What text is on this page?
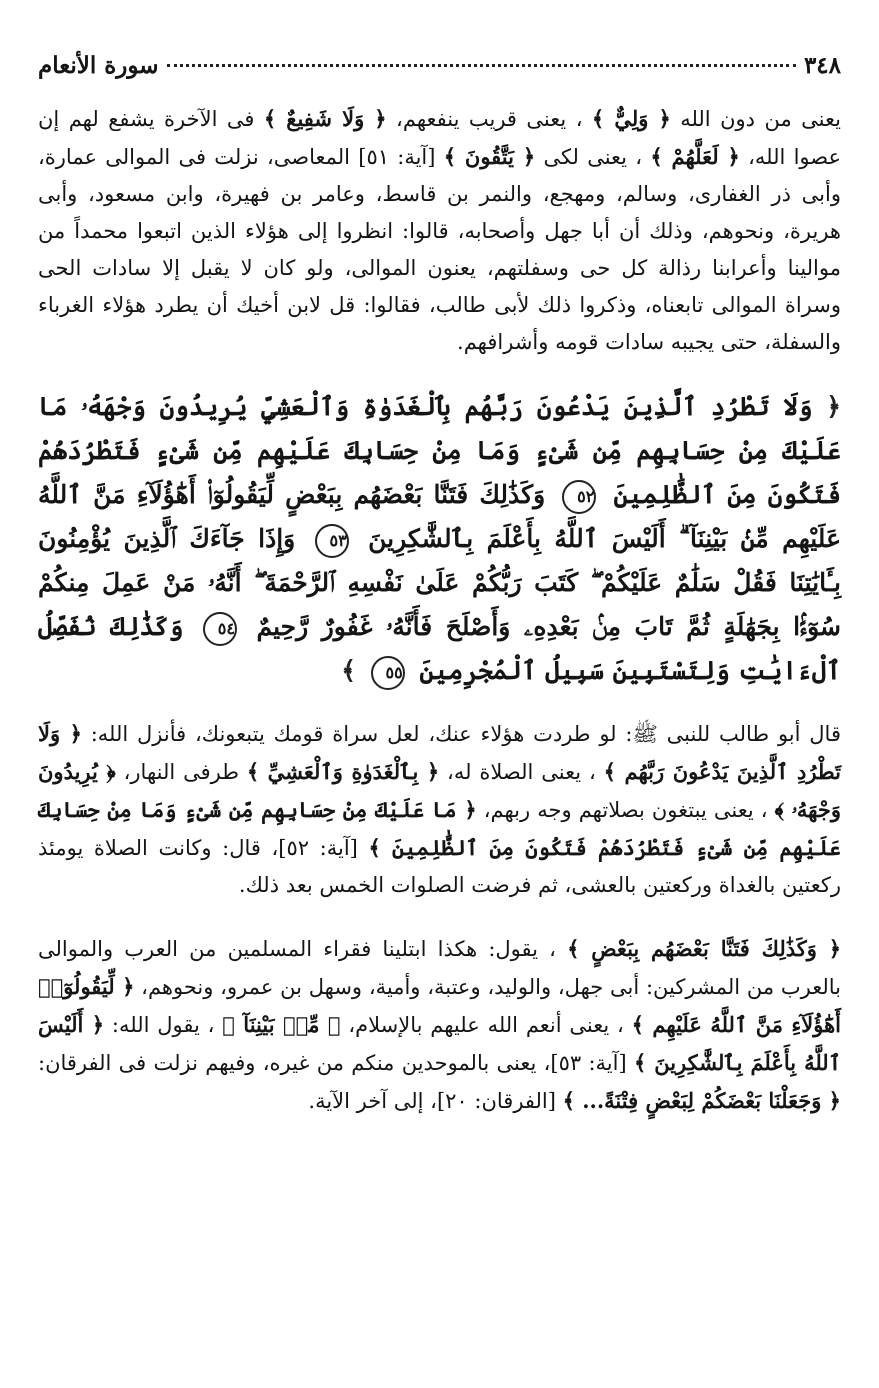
٣٤٨
سورة الأنعام

يعنى من دون الله ﴿ وَلِيٌّ ﴾ ، يعنى قريب ينفعهم، ﴿ وَلَا شَفِيعٌ ﴾ فى الآخرة يشفع لهم إن عصوا الله، ﴿ لَعَلَّهُمْ ﴾ ، يعنى لكى ﴿ يَتَّقُونَ ﴾ [آية: ٥١] المعاصى، نزلت فى الموالى عمارة، وأبى ذر الغفارى، وسالم، ومهجع، والنمر بن قاسط، وعامر بن فهيرة، وابن مسعود، وأبى هريرة، ونحوهم، وذلك أن أبا جهل وأصحابه، قالوا: انظروا إلى هؤلاء الذين اتبعوا محمداً من موالينا وأعرابنا رذالة كل حى وسفلتهم، يعنون الموالى، ولو كان لا يقبل إلا سادات الحى وسراة الموالى تابعناه، وذكروا ذلك لأبى طالب، فقالوا: قل لابن أخيك أن يطرد هؤلاء الغرباء والسفلة، حتى يجيبه سادات قومه وأشرافهم.

﴿ وَلَا تَطْرُدِ ٱلَّذِينَ يَدْعُونَ رَبَّهُم بِٱلْغَدَوٰةِ وَٱلْعَشِيِّ يُرِيدُونَ وَجْهَهُۥ مَا عَلَيْكَ مِنْ حِسَابِهِم مِّن شَىْءٍ وَمَا مِنْ حِسَابِكَ عَلَيْهِم مِّن شَىْءٍ فَتَطْرُدَهُمْ فَتَكُونَ مِنَ ٱلظَّٰلِمِينَ ٥٢ وَكَذَٰلِكَ فَتَنَّا بَعْضَهُم بِبَعْضٍ لِّيَقُولُوٓا۟ أَهَٰٓؤُلَآءِ مَنَّ ٱللَّهُ عَلَيْهِم مِّنۢ بَيْنِنَآ ۗ أَلَيْسَ ٱللَّهُ بِأَعْلَمَ بِٱلشَّٰكِرِينَ ٥٣ وَإِذَا جَآءَكَ ٱلَّذِينَ يُؤْمِنُونَ بِـَٔايَٰتِنَا فَقُلْ سَلَٰمٌ عَلَيْكُمْ ۖ كَتَبَ رَبُّكُمْ عَلَىٰ نَفْسِهِ ٱلرَّحْمَةَ ۖ أَنَّهُۥ مَنْ عَمِلَ مِنكُمْ سُوٓءًۢا بِجَهَٰلَةٍ ثُمَّ تَابَ مِنۢ بَعْدِهِۦ وَأَصْلَحَ فَأَنَّهُۥ غَفُورٌ رَّحِيمٌ ٥٤ وَكَذَٰلِكَ نُفَصِّلُ ٱلْءَايَٰتِ وَلِتَسْتَبِينَ سَبِيلُ ٱلْمُجْرِمِينَ ٥٥ ﴾

قال أبو طالب للنبى ﷺ: لو طردت هؤلاء عنك، لعل سراة قومك يتبعونك، فأنزل الله: ﴿ وَلَا تَطْرُدِ ٱلَّذِينَ يَدْعُونَ رَبَّهُم ﴾ ، يعنى الصلاة له، ﴿ بِٱلْغَدَوٰةِ وَٱلْعَشِيِّ ﴾ طرفى النهار، ﴿ يُرِيدُونَ وَجْهَهُۥ ﴾ ، يعنى يبتغون بصلاتهم وجه ربهم، ﴿ مَا عَلَيْكَ مِنْ حِسَابِهِم مِّن شَىْءٍ وَمَا مِنْ حِسَابِكَ عَلَيْهِم مِّن شَىْءٍ فَتَطْرُدَهُمْ فَتَكُونَ مِنَ ٱلظَّٰلِمِينَ ﴾ [آية: ٥٢]، قال: وكانت الصلاة يومئذ ركعتين بالغداة وركعتين بالعشى، ثم فرضت الصلوات الخمس بعد ذلك.

﴿ وَكَذَٰلِكَ فَتَنَّا بَعْضَهُم بِبَعْضٍ ﴾ ، يقول: هكذا ابتلينا فقراء المسلمين من العرب والموالى بالعرب من المشركين: أبى جهل، والوليد، وعتبة، وأمية، وسهل بن عمرو، ونحوهم، ﴿ لِّيَقُولُوٓا۟ أَهَٰٓؤُلَآءِ مَنَّ ٱللَّهُ عَلَيْهِم ﴾ ، يعنى أنعم الله عليهم بالإسلام، ﴿ مِّنۢ بَيْنِنَآ ﴾ ، يقول الله: ﴿ أَلَيْسَ ٱللَّهُ بِأَعْلَمَ بِٱلشَّٰكِرِينَ ﴾ [آية: ٥٣]، يعنى بالموحدين منكم من غيره، وفيهم نزلت فى الفرقان: ﴿ وَجَعَلْنَا بَعْضَكُمْ لِبَعْضٍ فِتْنَةً... ﴾ [الفرقان: ٢٠]، إلى آخر الآية.
